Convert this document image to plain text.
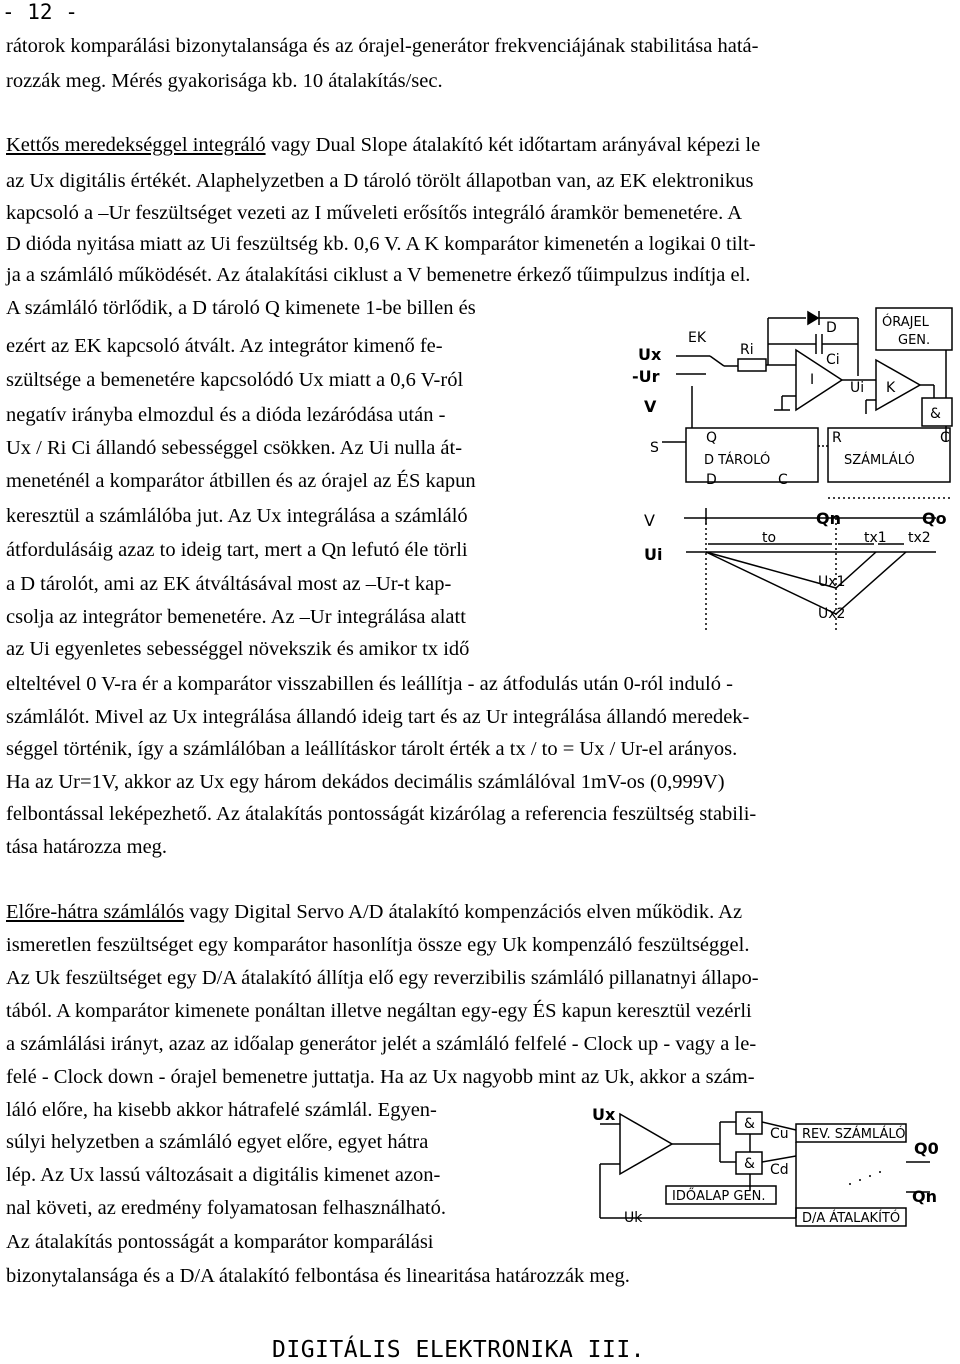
- 12 -
rátorok komparálási bizonytalansága és az órajel-generátor frekvenciájának stabilitása hatá-
rozzák meg. Mérés gyakorisága kb. 10 átalakítás/sec.
Kettős meredekséggel integráló vagy Dual Slope átalakító két időtartam arányával képezi le
az Ux digitális értékét. Alaphelyzetben a D tároló törölt állapotban van, az EK elektronikus
kapcsoló a –Ur feszültséget vezeti az I műveleti erősítős integráló áramkör bemenetére. A
D dióda nyitása miatt az Ui feszültség kb. 0,6 V. A K komparátor kimenetén a logikai 0 tilt-
ja a számláló működését. Az átalakítási ciklust a V bemenetre érkező tűimpulzus indítja el.
A számláló törlődik, a D tároló Q kimenete 1-be billen és
ezért az EK kapcsoló átvált. Az integrátor kimenő fe-
szültsége a bemenetére kapcsolódó Ux miatt a 0,6 V-ról
negatív irányba elmozdul és a dióda lezáródása után -
Ux / Ri Ci állandó sebességgel csökken. Az Ui nulla át-
meneténél a komparátor átbillen és az órajel az ÉS kapun
keresztül a számlálóba jut. Az Ux integrálása a számláló
átfordulásáig azaz to ideig tart, mert a Qn lefutó éle törli
a D tárolót, ami az EK átváltásával most az –Ur-t kap-
csolja az integrátor bemenetére. Az –Ur integrálása alatt
az Ui egyenletes sebességgel növekszik és amikor tx idő
elteltével 0 V-ra ér a komparátor visszabillen és leállítja - az átfodulás után 0-ról induló -
számlálót. Mivel az Ux integrálása állandó ideig tart és az Ur integrálása állandó meredek-
séggel történik, így a számlálóban a leállításkor tárolt érték a tx / to = Ux / Ur-el arányos.
Ha az Ur=1V, akkor az Ux egy három dekádos decimális számlálóval 1mV-os (0,999V)
felbontással leképezhető. Az átalakítás pontosságát kizárólag a referencia feszültség stabili-
tása határozza meg.
Előre-hátra számlálós vagy Digital Servo A/D átalakító kompenzációs elven működik. Az
ismeretlen feszültséget egy komparátor hasonlítja össze egy Uk kompenzáló feszültséggel.
Az Uk feszültséget egy D/A átalakító állítja elő egy reverzibilis számláló pillanatnyi állapo-
tából. A komparátor kimenete ponáltan illetve negáltan egy-egy ÉS kapun keresztül vezérli
a számlálási irányt, azaz az időalap generátor jelét a számláló felfelé - Clock up - vagy a le-
felé - Clock down - órajel bemenetre juttatja. Ha az Ux nagyobb mint az Uk, akkor a szám-
láló előre, ha kisebb akkor hátrafelé számlál. Egyen-
súlyi helyzetben a számláló egyet előre, egyet hátra
lép. Az Ux lassú változásait a digitális kimenet azon-
nal követi, az eredmény folyamatosan felhasználható.
Az átalakítás pontosságát a komparátor komparálási
bizonytalansága és a D/A átalakító felbontása és linearitása határozzák meg.
EK
Ux
-Ur
V
Ri
D
Ci
I	Ui K
ÓRAJEL
GEN.
&
S
Q
D TÁROLÓ
D	C
R
SZÁMLÁLÓ
C
V
Ui
Qn	Qo
to	tx1 tx2
Ux1
Ux2
Ux
Uk
&
&
Cu
Cd
REV. SZÁMLÁLÓ
Q0
Qn
IDŐALAP GEN.
D/A ÁTALAKÍTÓ
DIGITÁLIS ELEKTRONIKA III.
